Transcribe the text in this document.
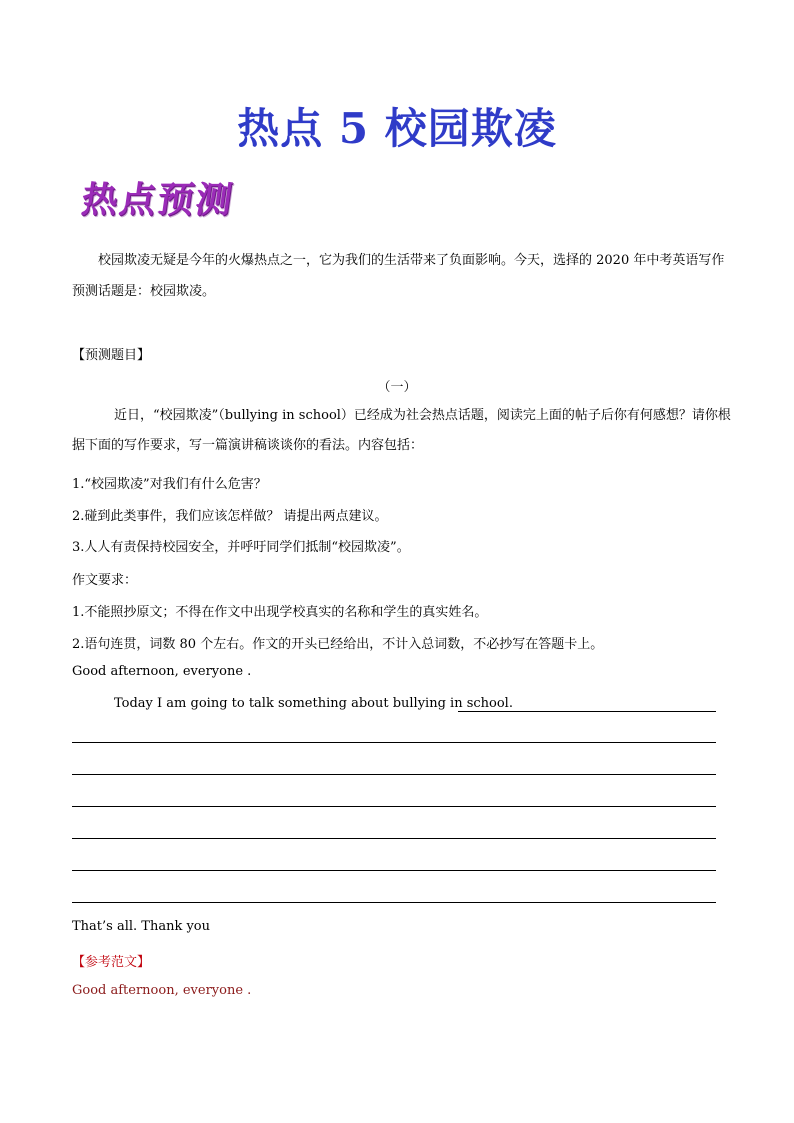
热点 5 校园欺凌
热点预测
校园欺凌无疑是今年的火爆热点之一，它为我们的生活带来了负面影响。今天，选择的 2020 年中考英语写作预测话题是：校园欺凌。
【预测题目】
（一）
近日，“校园欺凌”（bullying in school）已经成为社会热点话题，阅读完上面的帖子后你有何感想？请你根据下面的写作要求，写一篇演讲稿谈谈你的看法。内容包括：
1.“校园欺凌”对我们有什么危害？
2.碰到此类事件，我们应该怎样做？ 请提出两点建议。
3.人人有责保持校园安全，并呼吁同学们抵制“校园欺凌”。
作文要求：
1.不能照抄原文；不得在作文中出现学校真实的名称和学生的真实姓名。
2.语句连贯，词数 80 个左右。作文的开头已经给出，不计入总词数，不必抄写在答题卡上。
Good afternoon, everyone .
Today I am going to talk something about bullying in school.
That’s all. Thank you
【参考范文】
Good afternoon, everyone .
